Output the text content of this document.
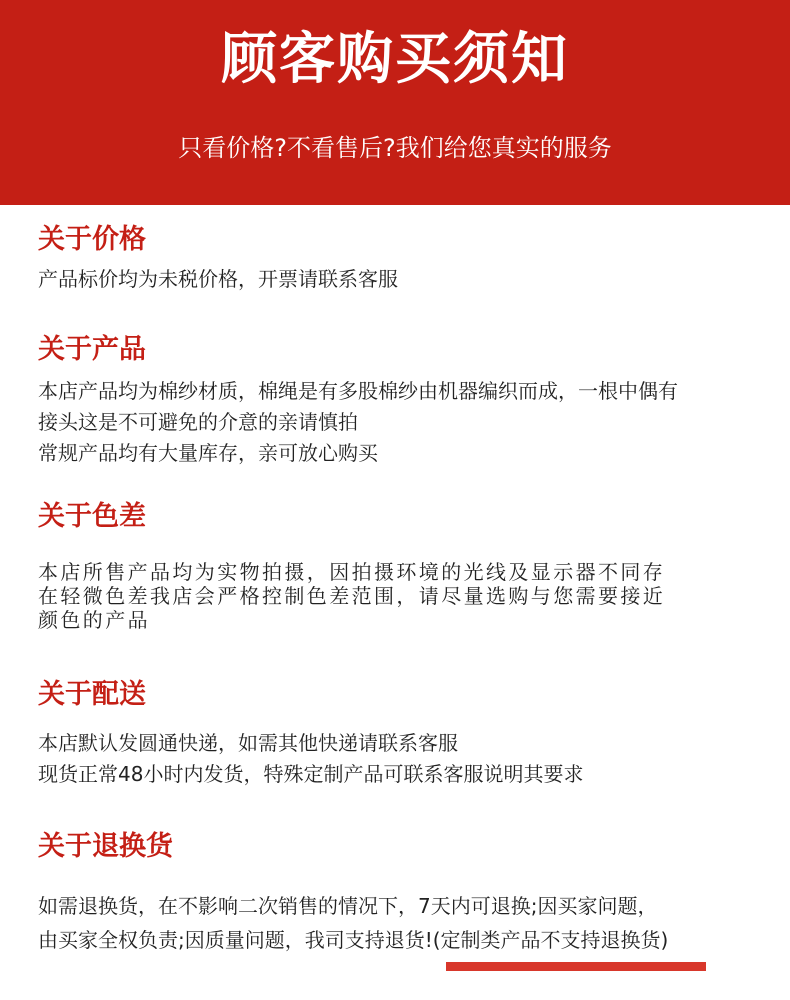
顾客购买须知
只看价格?不看售后?我们给您真实的服务
关于价格
产品标价均为未税价格，开票请联系客服
关于产品
本店产品均为棉纱材质，棉绳是有多股棉纱由机器编织而成，一根中偶有
接头这是不可避免的介意的亲请慎拍
常规产品均有大量库存，亲可放心购买
关于色差
本店所售产品均为实物拍摄，因拍摄环境的光线及显示器不同存
在轻微色差我店会严格控制色差范围，请尽量选购与您需要接近
颜色的产品
关于配送
本店默认发圆通快递，如需其他快递请联系客服
现货正常48小时内发货，特殊定制产品可联系客服说明其要求
关于退换货
如需退换货，在不影响二次销售的情况下，7天内可退换;因买家问题，
由买家全权负责;因质量问题，我司支持退货!(定制类产品不支持退换货)
